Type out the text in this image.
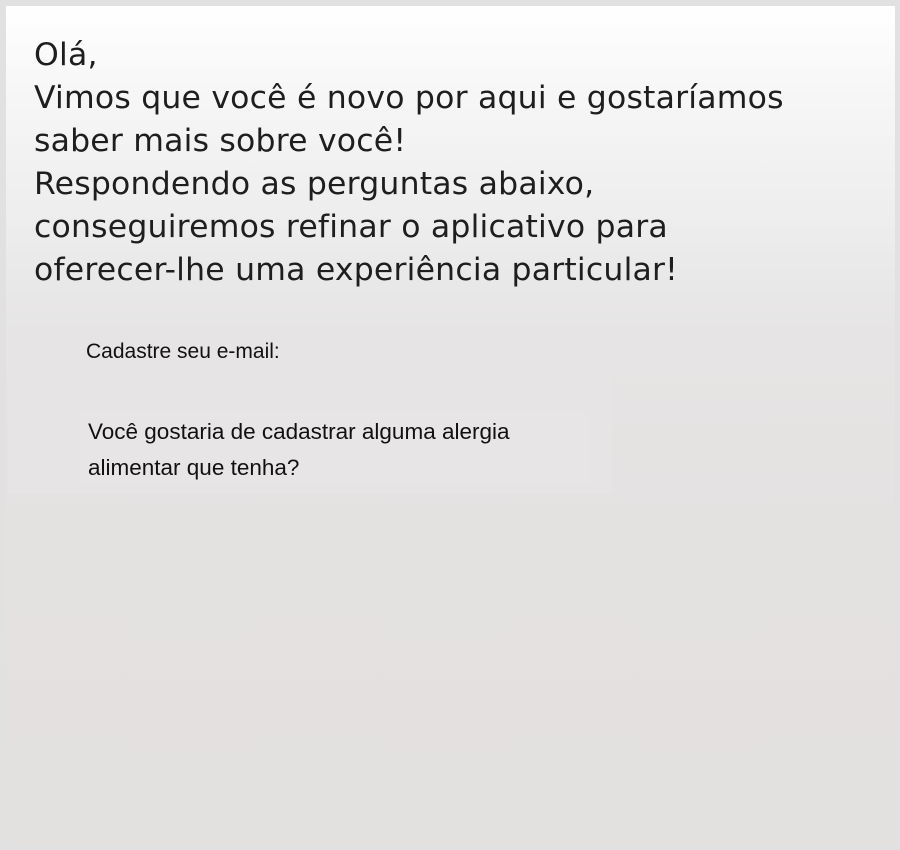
Olá,
Vimos que você é novo por aqui e gostaríamos
saber mais sobre você!
Respondendo as perguntas abaixo,
conseguiremos refinar o aplicativo para
oferecer-lhe uma experiência particular!
Cadastre seu e-mail:
Você gostaria de cadastrar alguma alergia
alimentar que tenha?
